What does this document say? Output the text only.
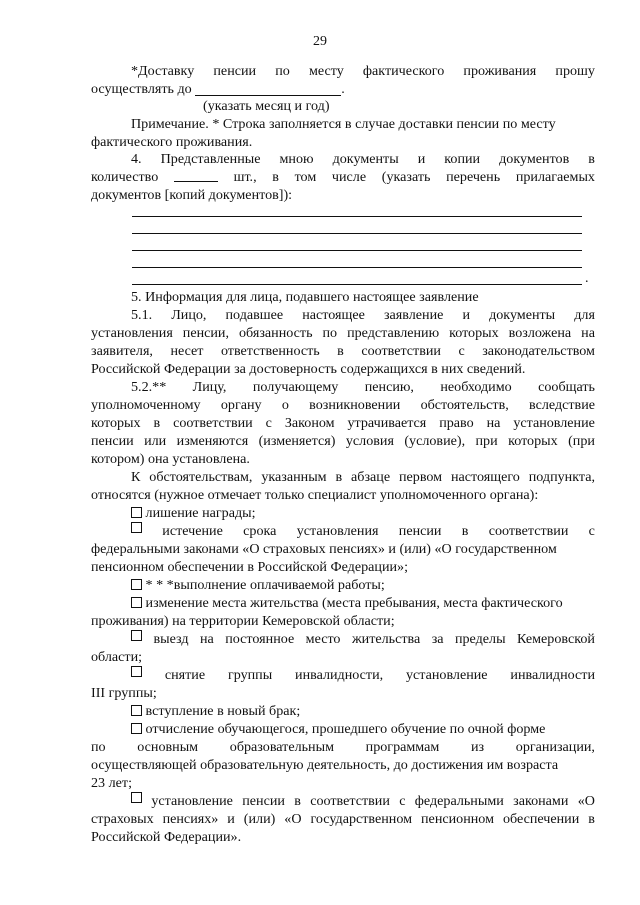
29
*Доставку пенсии по месту фактического проживания прошу
осуществлять до	.
(указать месяц и год)
Примечание. * Строка заполняется в случае доставки пенсии по месту
фактического проживания.
4. Представленные мною документы и копии документов в
количество	шт., в том числе (указать перечень прилагаемых
документов [копий документов]):
.
5. Информация для лица, подавшего настоящее заявление
5.1. Лицо, подавшее настоящее заявление и документы для
установления пенсии, обязанность по представлению которых возложена на
заявителя, несет ответственность в соответствии с законодательством
Российской Федерации за достоверность содержащихся в них сведений.
5.2.** Лицу, получающему пенсию, необходимо сообщать
уполномоченному органу о возникновении обстоятельств, вследствие
которых в соответствии с Законом утрачивается право на установление
пенсии или изменяются (изменяется) условия (условие), при которых (при
котором) она установлена.
К обстоятельствам, указанным в абзаце первом настоящего подпункта,
относятся (нужное отмечает только специалист уполномоченного органа):
лишение награды;
истечение срока установления пенсии в соответствии с
федеральными законами «О страховых пенсиях» и (или) «О государственном
пенсионном обеспечении в Российской Федерации»;
* * *выполнение оплачиваемой работы;
изменение места жительства (места пребывания, места фактического
проживания) на территории Кемеровской области;
выезд на постоянное место жительства за пределы Кемеровской
области;
снятие группы инвалидности, установление инвалидности
III группы;
вступление в новый брак;
отчисление обучающегося, прошедшего обучение по очной форме
по основным образовательным программам из организации,
осуществляющей образовательную деятельность, до достижения им возраста
23 лет;
установление пенсии в соответствии с федеральными законами «О
страховых пенсиях» и (или) «О государственном пенсионном обеспечении в
Российской Федерации».
